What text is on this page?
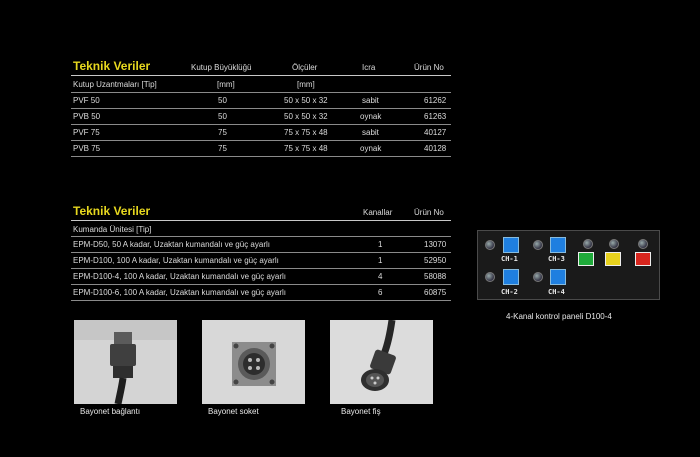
Teknik Veriler	Kutup Büyüklüğü	Ölçüler	Icra	Ürün No
Kutup Uzantmaları [Tip]	[mm]	[mm]
PVF 50	50	50 x 50 x 32	sabit	61262
PVB 50	50	50 x 50 x 32	oynak	61263
PVF 75	75	75 x 75 x 48	sabit	40127
PVB 75	75	75 x 75 x 48	oynak	40128
Teknik Veriler	Kanallar	Ürün No
Kumanda Ünitesi [Tip]
EPM-D50, 50 A kadar, Uzaktan kumandalı ve güç ayarlı	1	13070
EPM-D100, 100 A kadar, Uzaktan kumandalı ve güç ayarlı	1	52950
EPM-D100-4, 100 A kadar, Uzaktan kumandalı ve güç ayarlı	4	58088
EPM-D100-6, 100 A kadar, Uzaktan kumandalı ve güç ayarlı	6	60875
CH-1	CH-3
CH-2	CH-4
4-Kanal kontrol paneli D100-4
Bayonet bağlantı	Bayonet soket	Bayonet fiş
